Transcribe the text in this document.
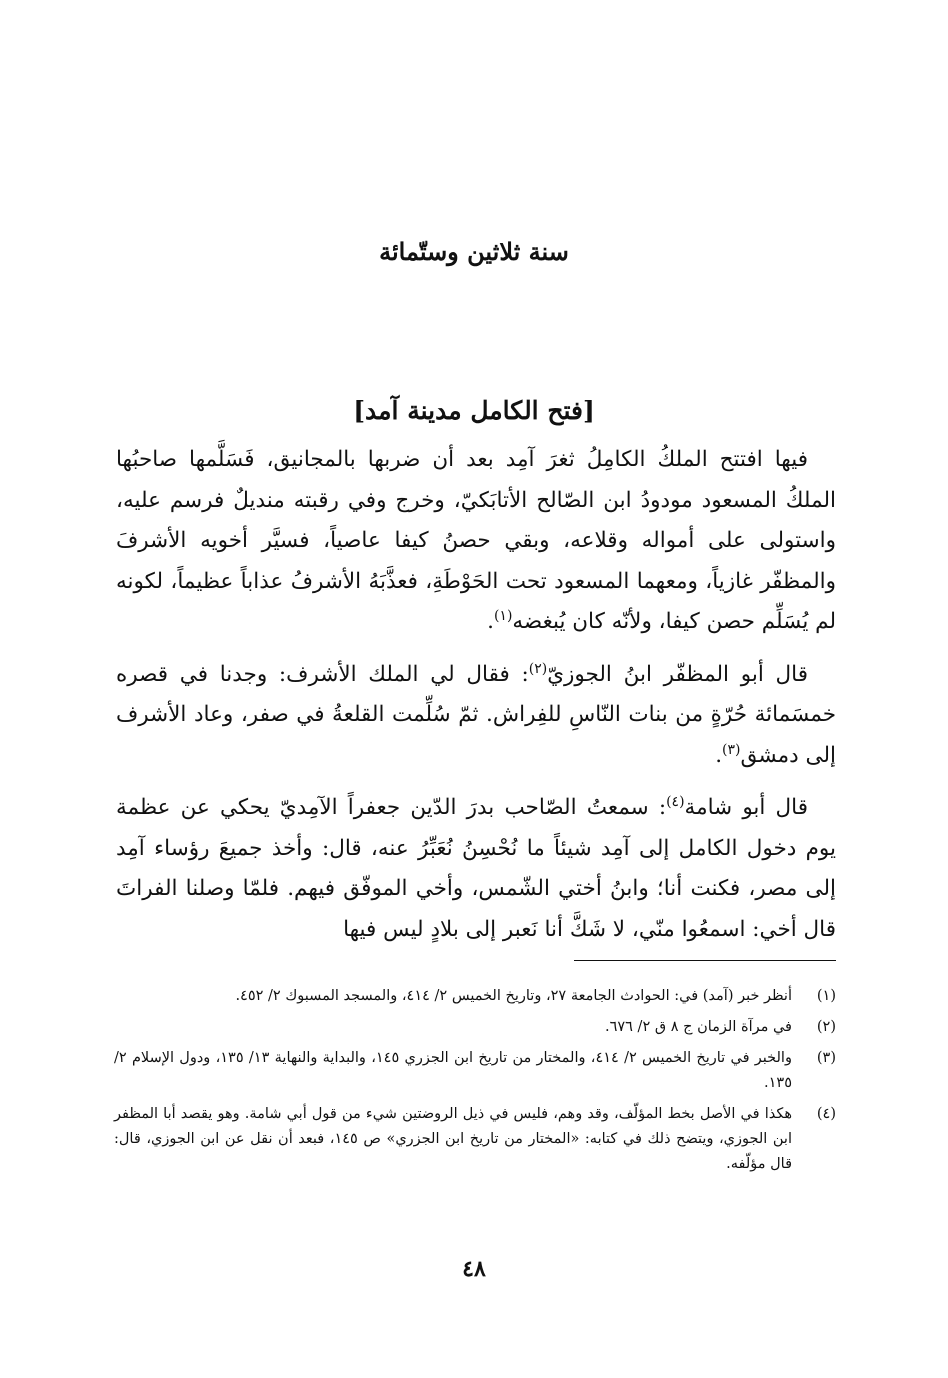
سنة ثلاثين وستّمائة
[فتح الكامل مدينة آمد]

فيها افتتح الملكُ الكامِلُ ثغرَ آمِد بعد أن ضربها بالمجانيق، فَسَلَّمها صاحبُها الملكُ المسعود مودودُ ابن الصّالح الأتابَكيّ، وخرج وفي رقبته منديلٌ فرسم عليه، واستولى على أمواله وقلاعه، وبقي حصنُ كيفا عاصياً، فسيَّر أخويه الأشرفَ والمظفّر غازياً، ومعهما المسعود تحت الحَوْطَةِ، فعذَّبَهُ الأشرفُ عذاباً عظيماً، لكونه لم يُسَلِّم حصن كيفا، ولأنّه كان يُبغضه$^{(١)}$.

قال أبو المظفّر ابنُ الجوزيّ$^{(٢)}$: فقال لي الملك الأشرف: وجدنا في قصره خمسَمائة حُرّةٍ من بنات النّاسِ للفِراش. ثمّ سُلِّمت القلعةُ في صفر، وعاد الأشرف إلى دمشق$^{(٣)}$.

قال أبو شامة$^{(٤)}$: سمعتُ الصّاحب بدرَ الدّين جعفراً الآمِديّ يحكي عن عظمة يوم دخول الكامل إلى آمِد شيئاً ما نُحْسِنُ نُعَبِّرُ عنه، قال: وأخذ جميعَ رؤساء آمِد إلى مصر، فكنت أنا؛ وابنُ أختي الشّمس، وأخي الموفّق فيهم. فلمّا وصلنا الفراتَ قال أخي: اسمعُوا منّي، لا شَكَّ أنا نَعبر إلى بلادٍ ليس فيها

(١)
أنظر خبر (آمد) في: الحوادث الجامعة ٢٧، وتاريخ الخميس ٢/ ٤١٤، والمسجد المسبوك ٢/ ٤٥٢.
(٢)
في مرآة الزمان ج ٨ ق ٢/ ٦٧٦.
(٣)
والخبر في تاريخ الخميس ٢/ ٤١٤، والمختار من تاريخ ابن الجزري ١٤٥، والبداية والنهاية ١٣/ ١٣٥، ودول الإسلام ٢/ ١٣٥.
(٤)
هكذا في الأصل بخط المؤلّف، وقد وهم، فليس في ذيل الروضتين شيء من قول أبي شامة. وهو يقصد أبا المظفر ابن الجوزي، ويتضح ذلك في كتابه: «المختار من تاريخ ابن الجزري» ص ١٤٥، فبعد أن نقل عن ابن الجوزي، قال: قال مؤلّفه.
٤٨
